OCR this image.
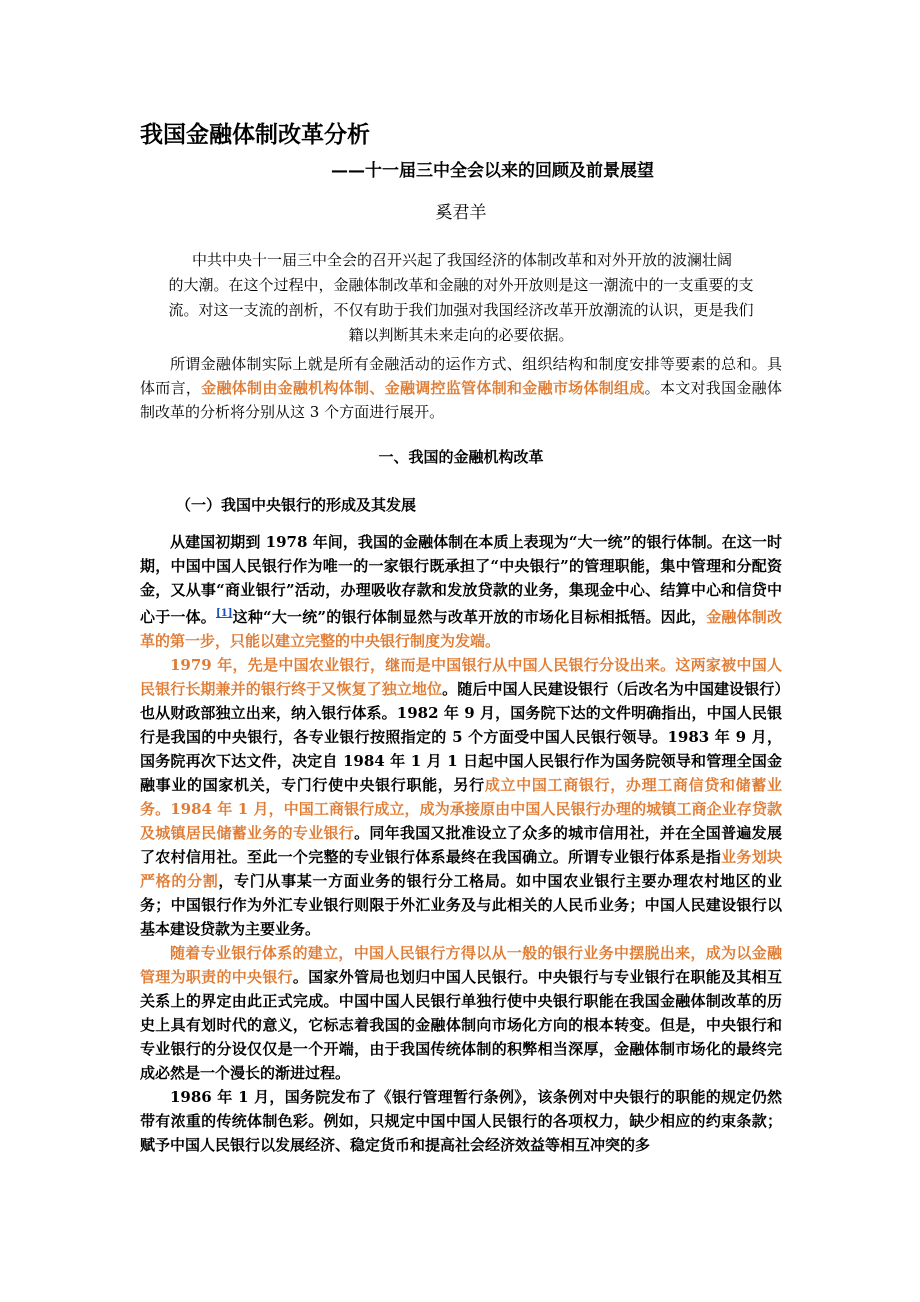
我国金融体制改革分析
——十一届三中全会以来的回顾及前景展望
奚君羊
中共中央十一届三中全会的召开兴起了我国经济的体制改革和对外开放的波澜壮阔
的大潮。在这个过程中，金融体制改革和金融的对外开放则是这一潮流中的一支重要的支
流。对这一支流的剖析，不仅有助于我们加强对我国经济改革开放潮流的认识，更是我们
籍以判断其未来走向的必要依据。

所谓金融体制实际上就是所有金融活动的运作方式、组织结构和制度安排等要素的总和。具体而言，金融体制由金融机构体制、金融调控监管体制和金融市场体制组成。本文对我国金融体制改革的分析将分别从这 3 个方面进行展开。

一、我国的金融机构改革
（一）我国中央银行的形成及其发展

从建国初期到 1978 年间，我国的金融体制在本质上表现为“大一统”的银行体制。在这一时期，中国中国人民银行作为唯一的一家银行既承担了“中央银行”的管理职能，集中管理和分配资金，又从事“商业银行”活动，办理吸收存款和发放贷款的业务，集现金中心、结算中心和信贷中心于一体。[1]这种“大一统”的银行体制显然与改革开放的市场化目标相抵牾。因此，金融体制改革的第一步，只能以建立完整的中央银行制度为发端。

1979 年，先是中国农业银行，继而是中国银行从中国人民银行分设出来。这两家被中国人民银行长期兼并的银行终于又恢复了独立地位。随后中国人民建设银行（后改名为中国建设银行）也从财政部独立出来，纳入银行体系。1982 年 9 月，国务院下达的文件明确指出，中国人民银行是我国的中央银行，各专业银行按照指定的 5 个方面受中国人民银行领导。1983 年 9 月，国务院再次下达文件，决定自 1984 年 1 月 1 日起中国人民银行作为国务院领导和管理全国金融事业的国家机关，专门行使中央银行职能，另行成立中国工商银行，办理工商信贷和储蓄业务。1984 年 1 月，中国工商银行成立，成为承接原由中国人民银行办理的城镇工商企业存贷款及城镇居民储蓄业务的专业银行。同年我国又批准设立了众多的城市信用社，并在全国普遍发展了农村信用社。至此一个完整的专业银行体系最终在我国确立。所谓专业银行体系是指业务划块严格的分割，专门从事某一方面业务的银行分工格局。如中国农业银行主要办理农村地区的业务；中国银行作为外汇专业银行则限于外汇业务及与此相关的人民币业务；中国人民建设银行以基本建设贷款为主要业务。

随着专业银行体系的建立，中国人民银行方得以从一般的银行业务中摆脱出来，成为以金融管理为职责的中央银行。国家外管局也划归中国人民银行。中央银行与专业银行在职能及其相互关系上的界定由此正式完成。中国中国人民银行单独行使中央银行职能在我国金融体制改革的历史上具有划时代的意义，它标志着我国的金融体制向市场化方向的根本转变。但是，中央银行和专业银行的分设仅仅是一个开端，由于我国传统体制的积弊相当深厚，金融体制市场化的最终完成必然是一个漫长的渐进过程。

1986 年 1 月，国务院发布了《银行管理暂行条例》，该条例对中央银行的职能的规定仍然带有浓重的传统体制色彩。例如，只规定中国中国人民银行的各项权力，缺少相应的约束条款；赋予中国人民银行以发展经济、稳定货币和提高社会经济效益等相互冲突的多
